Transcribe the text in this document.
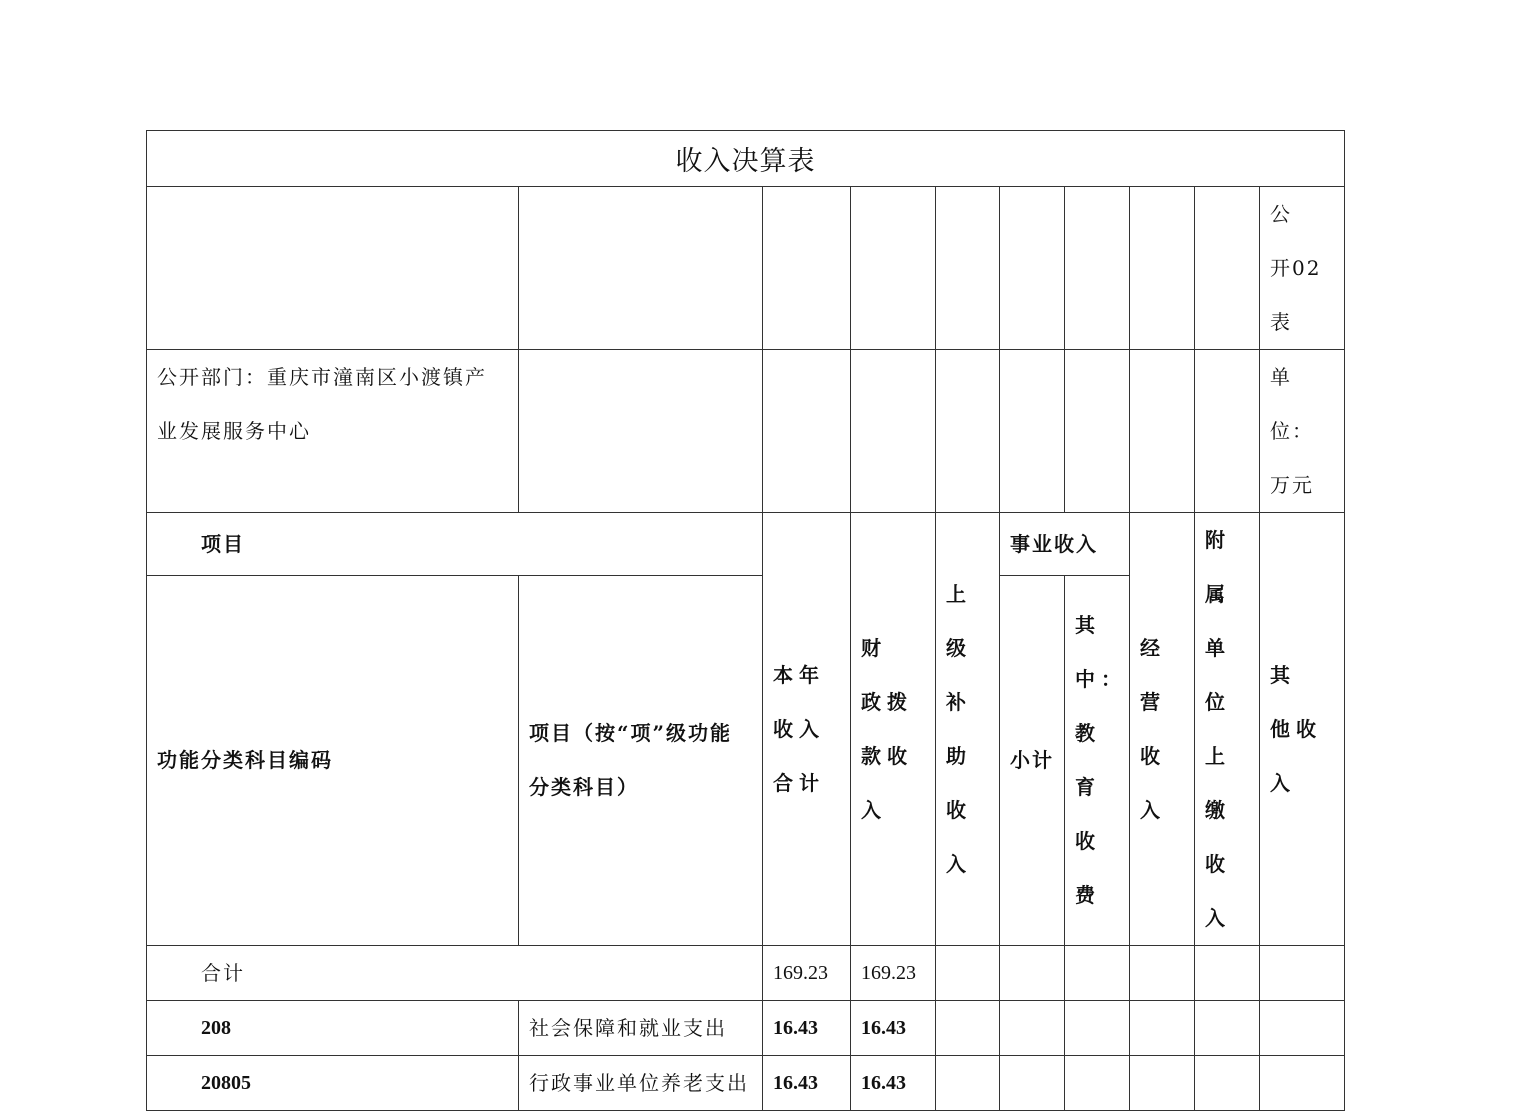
收入决算表									
									公　开02表
公开部门：重庆市潼南区小渡镇产业发展服务中心									单位：万元
项目		本年收入合计	财　政拨　款收入	上级补助收入	事业收入		经营收入	附属单位上缴收入	其　他收入
功能分类科目编码	项目（按“项”级功能分类科目）				小计	其中：教育收费			
合计		169.23	169.23						
208	社会保障和就业支出	16.43	16.43						
20805	行政事业单位养老支出	16.43	16.43						
